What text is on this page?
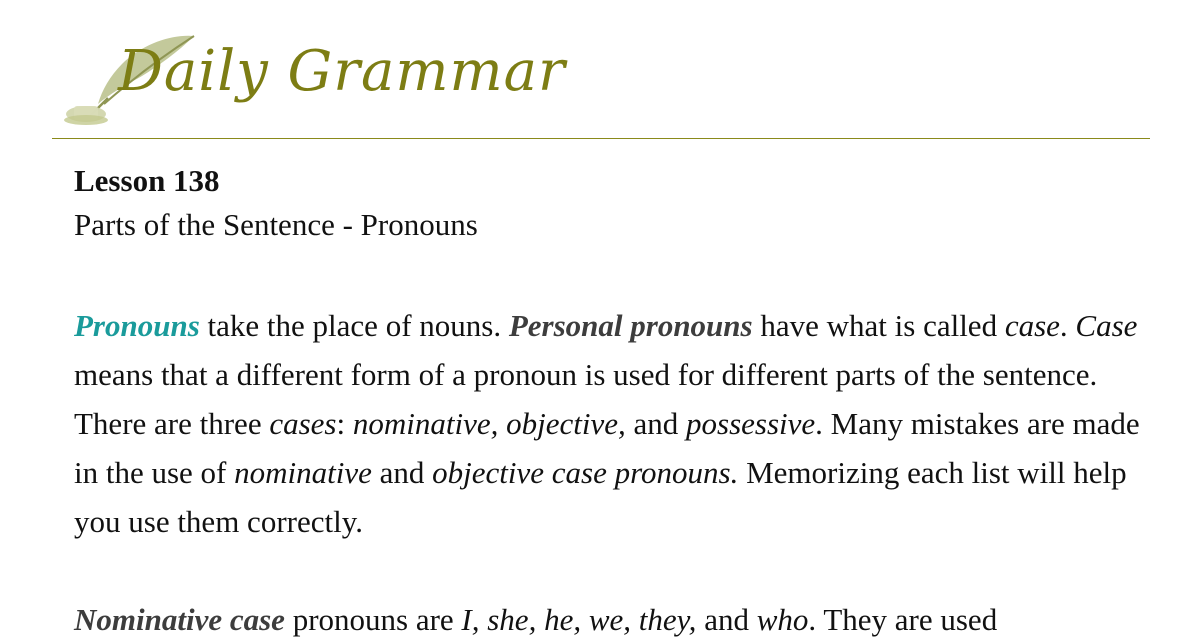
Daily Grammar

Lesson 138

Parts of the Sentence - Pronouns

Pronouns take the place of nouns. Personal pronouns have what is called case. Case means that a different form of a pronoun is used for different parts of the sentence. There are three cases: nominative, objective, and possessive. Many mistakes are made in the use of nominative and objective case pronouns. Memorizing each list will help you use them correctly.

Nominative case pronouns are I, she, he, we, they, and who. They are used
